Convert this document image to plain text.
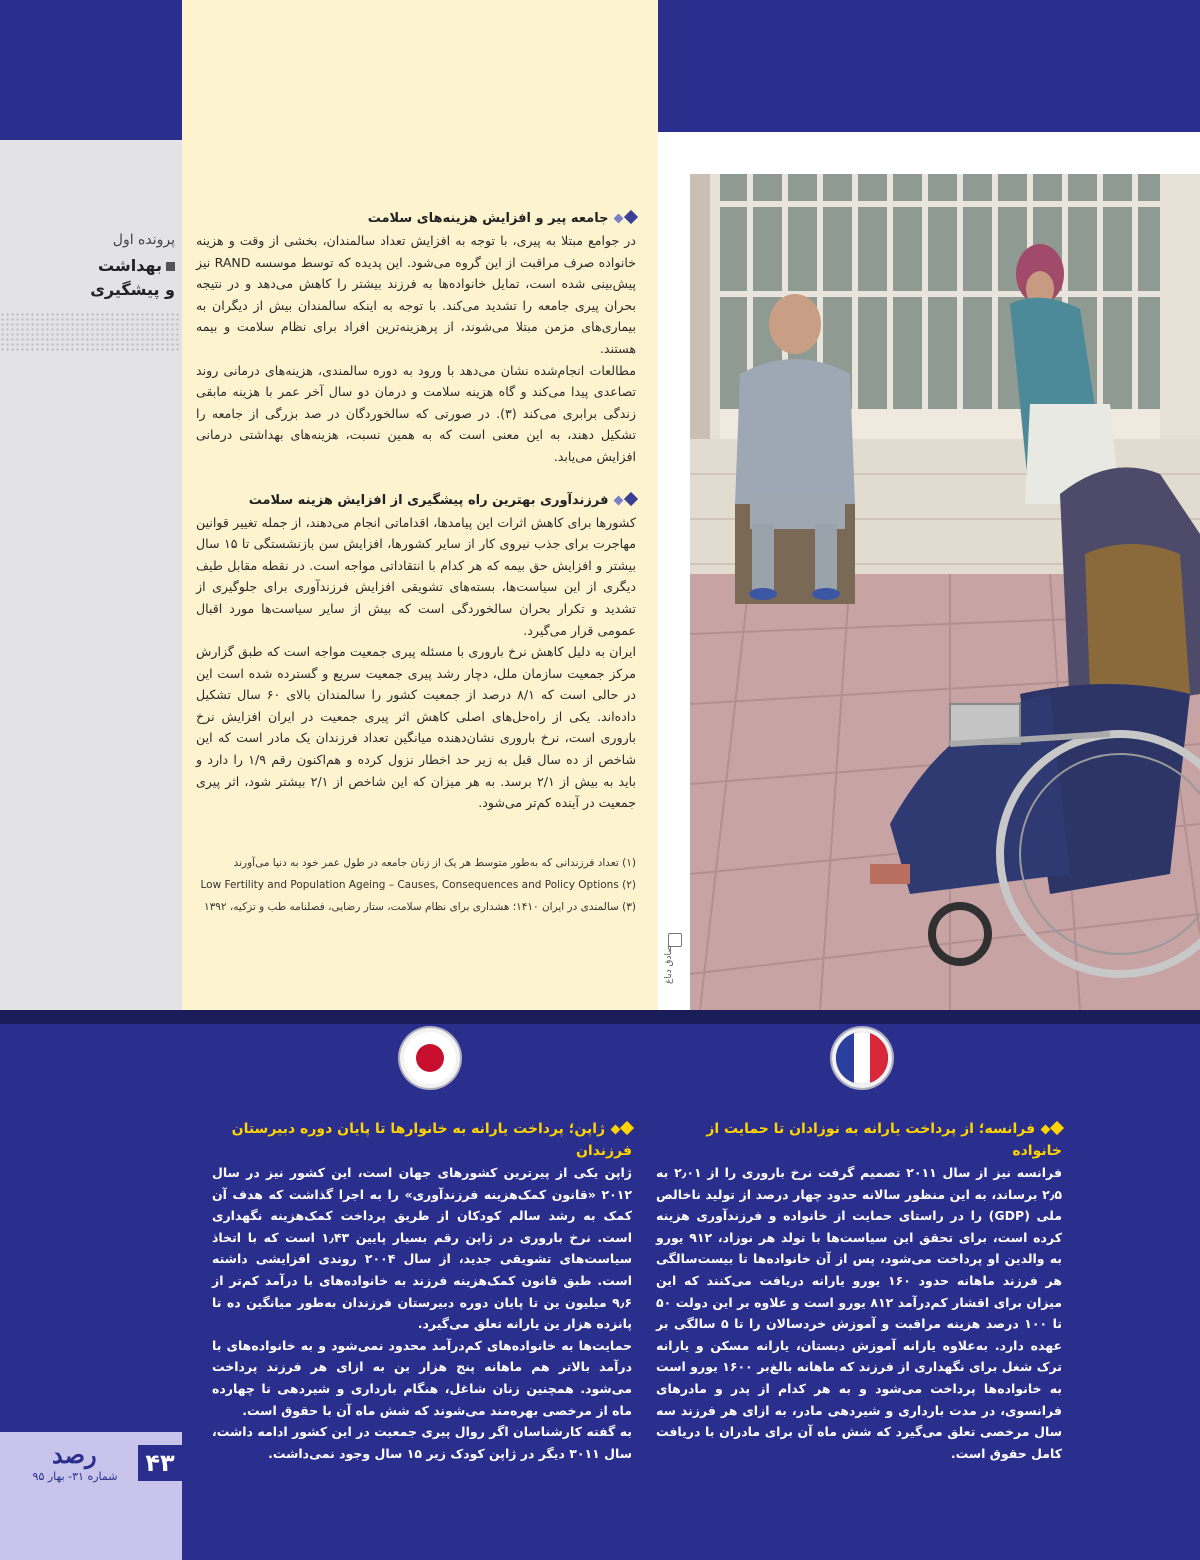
پرونده اول
بهداشت
و پیشگیری
صادق دباغ
جامعه پیر و افزایش هزینه‌های سلامت
در جوامع مبتلا به پیری، با توجه به افزایش تعداد سالمندان، بخشی از وقت و هزینه خانواده صرف مراقبت از این گروه می‌شود. این پدیده که توسط موسسه RAND نیز پیش‌بینی شده است، تمایل خانواده‌ها به فرزند بیشتر را کاهش می‌دهد و در نتیجه بحران پیری جامعه را تشدید می‌کند. با توجه به اینکه سالمندان بیش از دیگران به بیماری‌های مزمن مبتلا می‌شوند، از پرهزینه‌ترین افراد برای نظام سلامت و بیمه هستند.
مطالعات انجام‌شده نشان می‌دهد با ورود به دوره سالمندی، هزینه‌های درمانی روند تصاعدی پیدا می‌کند و گاه هزینه سلامت و درمان دو سال آخر عمر با هزینه مابقی زندگی برابری می‌کند (۳). در صورتی که سالخوردگان در صد بزرگی از جامعه را تشکیل دهند، به این معنی است که به همین نسبت، هزینه‌های بهداشتی درمانی افزایش می‌یابد.
فرزندآوری بهترین راه پیشگیری از افزایش هزینه سلامت
کشورها برای کاهش اثرات این پیامدها، اقداماتی انجام می‌دهند، از جمله تغییر قوانین مهاجرت برای جذب نیروی کار از سایر کشورها، افزایش سن بازنشستگی تا ۱۵ سال بیشتر و افزایش حق بیمه که هر کدام با انتقاداتی مواجه است. در نقطه مقابل طیف دیگری از این سیاست‌ها، بسته‌های تشویقی افزایش فرزندآوری برای جلوگیری از تشدید و تکرار بحران سالخوردگی است که بیش از سایر سیاست‌ها مورد اقبال عمومی قرار می‌گیرد.
ایران به دلیل کاهش نرخ باروری با مسئله پیری جمعیت مواجه است که طبق گزارش مرکز جمعیت سازمان ملل، دچار رشد پیری جمعیت سریع و گسترده شده است این در حالی است که ۸/۱ درصد از جمعیت کشور را سالمندان بالای ۶۰ سال تشکیل داده‌اند. یکی از راه‌حل‌های اصلی کاهش اثر پیری جمعیت در ایران افزایش نرخ باروری است، نرخ باروری نشان‌دهنده میانگین تعداد فرزندان یک مادر است که این شاخص از ده سال قبل به زیر حد اخطار نزول کرده و هم‌اکنون رقم ۱/۹ را دارد و باید به بیش از ۲/۱ برسد. به هر میزان که این شاخص از ۲/۱ بیشتر شود، اثر پیری جمعیت در آینده کم‌تر می‌شود.
(۱) تعداد فرزندانی که به‌طور متوسط هر یک از زنان جامعه در طول عمر خود به دنیا می‌آورند
(۲) Low Fertility and Population Ageing – Causes, Consequences and Policy Options
(۳) سالمندی در ایران ۱۴۱۰؛ هشداری برای نظام سلامت، ستار رضایی، فصلنامه طب و تزکیه، ۱۳۹۲
فرانسه؛ از پرداخت یارانه به نوزادان تا حمایت از خانواده
فرانسه نیز از سال ۲۰۱۱ تصمیم گرفت نرخ باروری را از ۲٫۰۱ به ۲٫۵ برساند، به این منظور سالانه حدود چهار درصد از تولید ناخالص ملی (GDP) را در راستای حمایت از خانواده و فرزندآوری هزینه کرده است، برای تحقق این سیاست‌ها با تولد هر نوزاد، ۹۱۲ یورو به والدین او پرداخت می‌شود، پس از آن خانواده‌ها تا بیست‌سالگی هر فرزند ماهانه حدود ۱۶۰ یورو یارانه دریافت می‌کنند که این میزان برای اقشار کم‌درآمد ۸۱۲ یورو است و علاوه بر این دولت ۵۰ تا ۱۰۰ درصد هزینه مراقبت و آموزش خردسالان را تا ۵ سالگی بر عهده دارد. به‌علاوه یارانه آموزش دبستان، یارانه مسکن و یارانه ترک شغل برای نگهداری از فرزند که ماهانه بالغ‌بر ۱۶۰۰ یورو است به خانواده‌ها پرداخت می‌شود و به هر کدام از پدر و مادرهای فرانسوی، در مدت بارداری و شیردهی مادر، به ازای هر فرزند سه سال مرخصی تعلق می‌گیرد که شش ماه آن برای مادران با دریافت کامل حقوق است.
ژاپن؛ پرداخت یارانه به خانوارها تا پایان دوره دبیرستان فرزندان
ژاپن یکی از پیرترین کشورهای جهان است، این کشور نیز در سال ۲۰۱۲ «قانون کمک‌هزینه فرزندآوری» را به اجرا گذاشت که هدف آن کمک به رشد سالم کودکان از طریق پرداخت کمک‌هزینه نگهداری است. نرخ باروری در ژاپن رقم بسیار پایین ۱٫۴۳ است که با اتخاذ سیاست‌های تشویقی جدید، از سال ۲۰۰۴ روندی افزایشی داشته است. طبق قانون کمک‌هزینه فرزند به خانواده‌های با درآمد کم‌تر از ۹٫۶ میلیون ین تا پایان دوره دبیرستان فرزندان به‌طور میانگین ده تا پانزده هزار ین یارانه تعلق می‌گیرد.
حمایت‌ها به خانواده‌های کم‌درآمد محدود نمی‌شود و به خانواده‌های با درآمد بالاتر هم ماهانه پنج هزار ین به ازای هر فرزند پرداخت می‌شود. همچنین زنان شاغل، هنگام بارداری و شیردهی تا چهارده ماه از مرخصی بهره‌مند می‌شوند که شش ماه آن با حقوق است.
به گفته کارشناسان اگر روال پیری جمعیت در این کشور ادامه داشت، سال ۳۰۱۱ دیگر در ژاپن کودک زیر ۱۵ سال وجود نمی‌داشت.
۴۳
رصد
شماره ۳۱- بهار ۹۵
